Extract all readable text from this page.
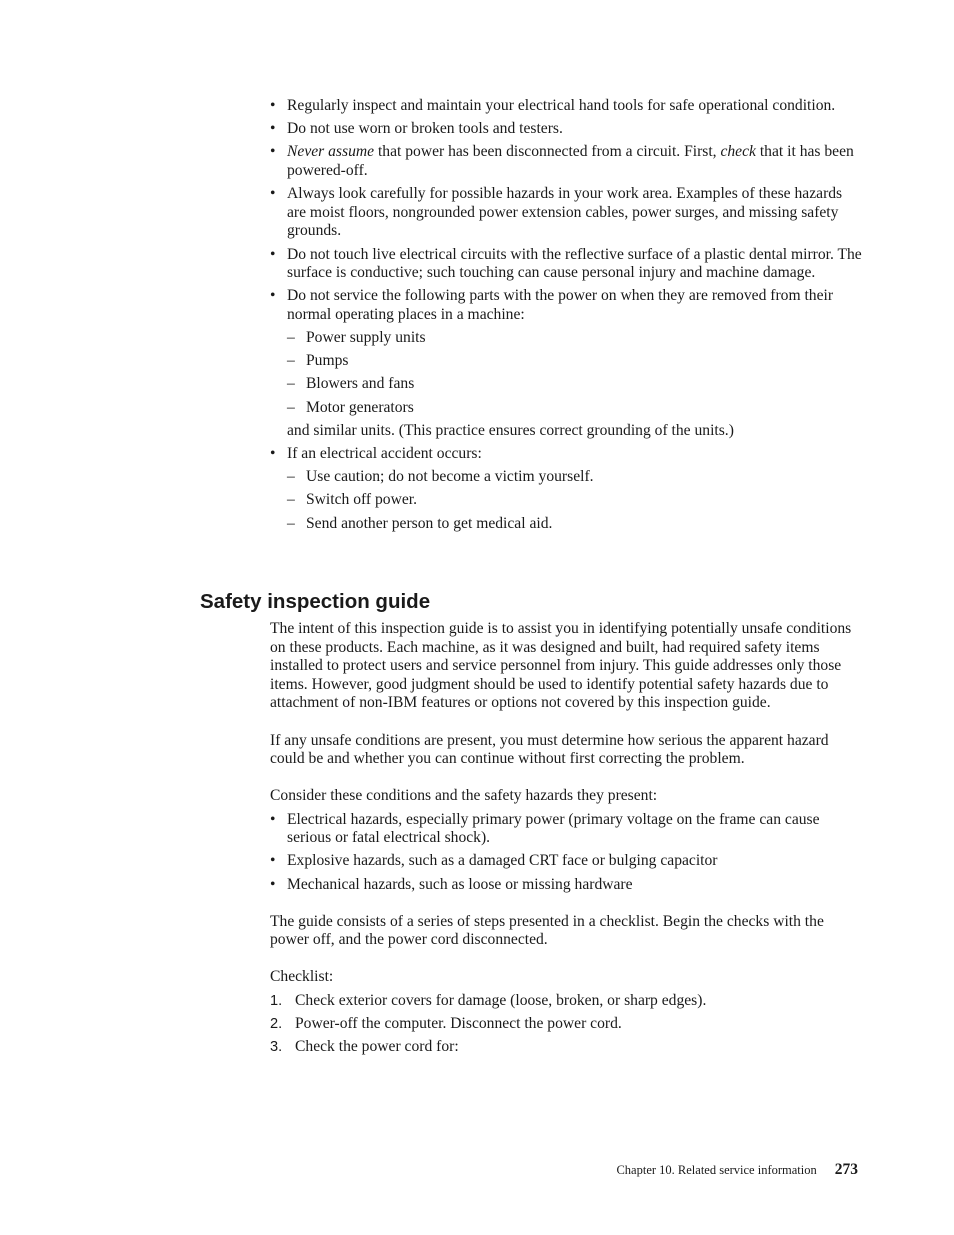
• Regularly inspect and maintain your electrical hand tools for safe operational condition.
• Do not use worn or broken tools and testers.
• Never assume that power has been disconnected from a circuit. First, check that it has been powered-off.
• Always look carefully for possible hazards in your work area. Examples of these hazards are moist floors, nongrounded power extension cables, power surges, and missing safety grounds.
• Do not touch live electrical circuits with the reflective surface of a plastic dental mirror. The surface is conductive; such touching can cause personal injury and machine damage.
• Do not service the following parts with the power on when they are removed from their normal operating places in a machine:
– Power supply units
– Pumps
– Blowers and fans
– Motor generators
and similar units. (This practice ensures correct grounding of the units.)
• If an electrical accident occurs:
– Use caution; do not become a victim yourself.
– Switch off power.
– Send another person to get medical aid.
Safety inspection guide

The intent of this inspection guide is to assist you in identifying potentially unsafe conditions on these products. Each machine, as it was designed and built, had required safety items installed to protect users and service personnel from injury. This guide addresses only those items. However, good judgment should be used to identify potential safety hazards due to attachment of non-IBM features or options not covered by this inspection guide.

If any unsafe conditions are present, you must determine how serious the apparent hazard could be and whether you can continue without first correcting the problem.

Consider these conditions and the safety hazards they present:

• Electrical hazards, especially primary power (primary voltage on the frame can cause serious or fatal electrical shock).
• Explosive hazards, such as a damaged CRT face or bulging capacitor
• Mechanical hazards, such as loose or missing hardware

The guide consists of a series of steps presented in a checklist. Begin the checks with the power off, and the power cord disconnected.

Checklist:

1. Check exterior covers for damage (loose, broken, or sharp edges).
2. Power-off the computer. Disconnect the power cord.
3. Check the power cord for:
Chapter 10. Related service information 273
